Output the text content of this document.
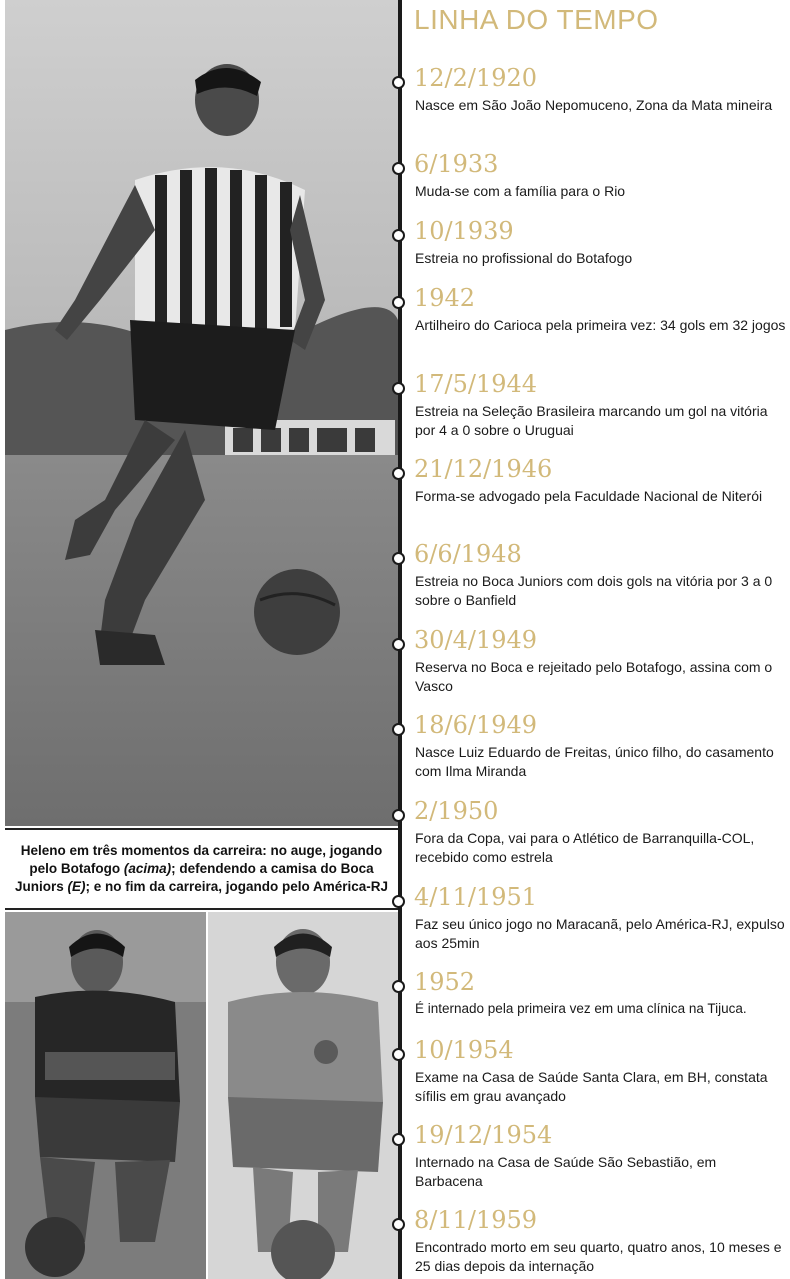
Heleno em três momentos da carreira: no auge, jogando pelo Botafogo (acima); defendendo a camisa do Boca Juniors (E); e no fim da carreira, jogando pelo América-RJ
LINHA DO TEMPO
12/2/1920
Nasce em São João Nepomuceno, Zona da Mata mineira
6/1933
Muda-se com a família para o Rio
10/1939
Estreia no profissional do Botafogo
1942
Artilheiro do Carioca pela primeira vez: 34 gols em 32 jogos
17/5/1944
Estreia na Seleção Brasileira marcando um gol na vitória por 4 a 0 sobre o Uruguai
21/12/1946
Forma-se advogado pela Faculdade Nacional de Niterói
6/6/1948
Estreia no Boca Juniors com dois gols na vitória por 3 a 0 sobre o Banfield
30/4/1949
Reserva no Boca e rejeitado pelo Botafogo, assina com o Vasco
18/6/1949
Nasce Luiz Eduardo de Freitas, único filho, do casamento com Ilma Miranda
2/1950
Fora da Copa, vai para o Atlético de Barranquilla-COL, recebido como estrela
4/11/1951
Faz seu único jogo no Maracanã, pelo América-RJ, expulso aos 25min
1952
É internado pela primeira vez em uma clínica na Tijuca.
10/1954
Exame na Casa de Saúde Santa Clara, em BH, constata sífilis em grau avançado
19/12/1954
Internado na Casa de Saúde São Sebastião, em Barbacena
8/11/1959
Encontrado morto em seu quarto, quatro anos, 10 meses e 25 dias depois da internação
